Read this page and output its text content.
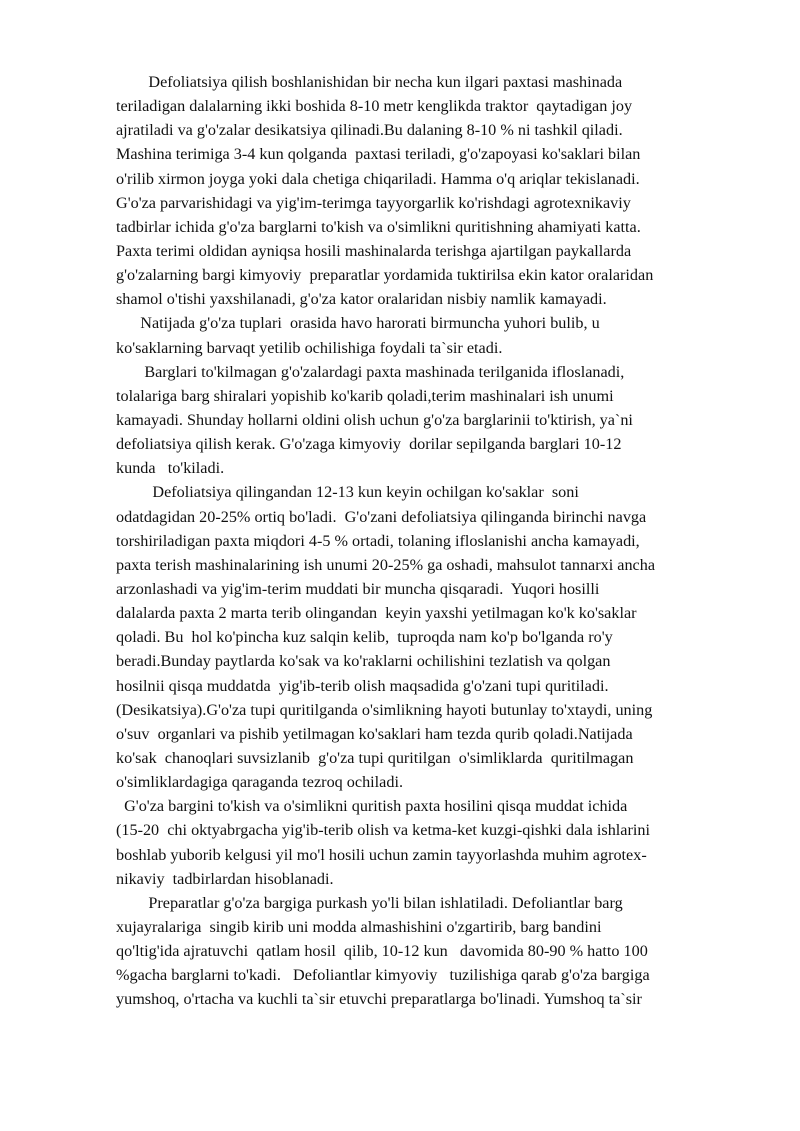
Defoliatsiya qilish boshlanishidan bir necha kun ilgari paxtasi mashinada
teriladigan dalalarning ikki boshida 8-10 metr kenglikda traktor  qaytadigan joy
ajratiladi va g'o'zalar desikatsiya qilinadi.Bu dalaning 8-10 % ni tashkil qiladi.
Mashina terimiga 3-4 kun qolganda  paxtasi teriladi, g'o'zapoyasi ko'saklari bilan
o'rilib xirmon joyga yoki dala chetiga chiqariladi. Hamma o'q ariqlar tekislanadi.
G'o'za parvarishidagi va yig'im-terimga tayyorgarlik ko'rishdagi agrotexnikaviy
tadbirlar ichida g'o'za barglarni to'kish va o'simlikni quritishning ahamiyati katta.
Paxta terimi oldidan ayniqsa hosili mashinalarda terishga ajartilgan paykallarda
g'o'zalarning bargi kimyoviy  preparatlar yordamida tuktirilsa ekin kator oralaridan
shamol o'tishi yaxshilanadi, g'o'za kator oralaridan nisbiy namlik kamayadi.
Natijada g'o'za tuplari  orasida havo harorati birmuncha yuhori bulib, u
ko'saklarning barvaqt yetilib ochilishiga foydali ta`sir etadi.
Barglari to'kilmagan g'o'zalardagi paxta mashinada terilganida ifloslanadi,
tolalariga barg shiralari yopishib ko'karib qoladi,terim mashinalari ish unumi
kamayadi. Shunday hollarni oldini olish uchun g'o'za barglarinii to'ktirish, ya`ni
defoliatsiya qilish kerak. G'o'zaga kimyoviy  dorilar sepilganda barglari 10-12
kunda   to'kiladi.
Defoliatsiya qilingandan 12-13 kun keyin ochilgan ko'saklar  soni
odatdagidan 20-25% ortiq bo'ladi.  G'o'zani defoliatsiya qilinganda birinchi navga
torshiriladigan paxta miqdori 4-5 % ortadi, tolaning ifloslanishi ancha kamayadi,
paxta terish mashinalarining ish unumi 20-25% ga oshadi, mahsulot tannarxi ancha
arzonlashadi va yig'im-terim muddati bir muncha qisqaradi.  Yuqori hosilli
dalalarda paxta 2 marta terib olingandan  keyin yaxshi yetilmagan ko'k ko'saklar
qoladi. Bu  hol ko'pincha kuz salqin kelib,  tuproqda nam ko'p bo'lganda ro'y
beradi.Bunday paytlarda ko'sak va ko'raklarni ochilishini tezlatish va qolgan
hosilnii qisqa muddatda  yig'ib-terib olish maqsadida g'o'zani tupi quritiladi.
(Desikatsiya).G'o'za tupi quritilganda o'simlikning hayoti butunlay to'xtaydi, uning
o'suv  organlari va pishib yetilmagan ko'saklari ham tezda qurib qoladi.Natijada
ko'sak  chanoqlari suvsizlanib  g'o'za tupi quritilgan  o'simliklarda  quritilmagan
o'simliklardagiga qaraganda tezroq ochiladi.
G'o'za bargini to'kish va o'simlikni quritish paxta hosilini qisqa muddat ichida
(15-20  chi oktyabrgacha yig'ib-terib olish va ketma-ket kuzgi-qishki dala ishlarini
boshlab yuborib kelgusi yil mo'l hosili uchun zamin tayyorlashda muhim agrotex-
nikaviy  tadbirlardan hisoblanadi.
Preparatlar g'o'za bargiga purkash yo'li bilan ishlatiladi. Defoliantlar barg
xujayralariga  singib kirib uni modda almashishini o'zgartirib, barg bandini
qo'ltig'ida ajratuvchi  qatlam hosil  qilib, 10-12 kun   davomida 80-90 % hatto 100
%gacha barglarni to'kadi.   Defoliantlar kimyoviy   tuzilishiga qarab g'o'za bargiga
yumshoq, o'rtacha va kuchli ta`sir etuvchi preparatlarga bo'linadi. Yumshoq ta`sir
